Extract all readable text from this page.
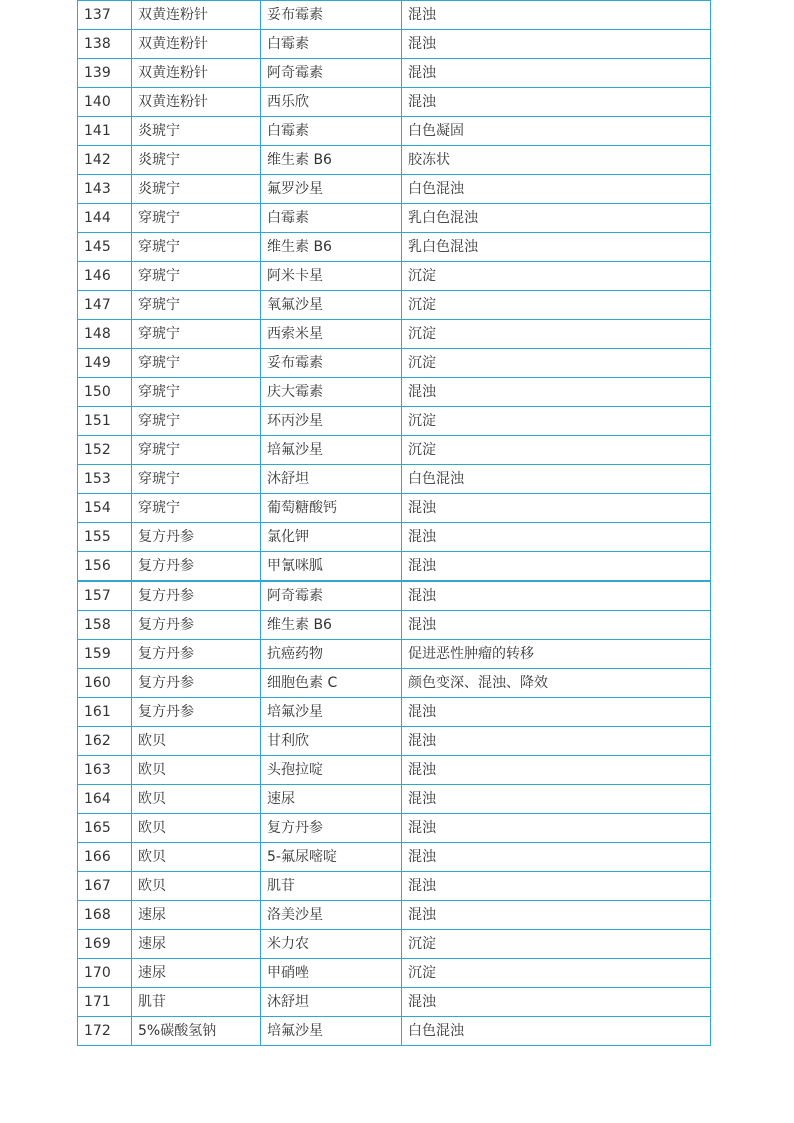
137	双黄连粉针	妥布霉素	混浊
138	双黄连粉针	白霉素	混浊
139	双黄连粉针	阿奇霉素	混浊
140	双黄连粉针	西乐欣	混浊
141	炎琥宁	白霉素	白色凝固
142	炎琥宁	维生素 B6	胶冻状
143	炎琥宁	氟罗沙星	白色混浊
144	穿琥宁	白霉素	乳白色混浊
145	穿琥宁	维生素 B6	乳白色混浊
146	穿琥宁	阿米卡星	沉淀
147	穿琥宁	氧氟沙星	沉淀
148	穿琥宁	西索米星	沉淀
149	穿琥宁	妥布霉素	沉淀
150	穿琥宁	庆大霉素	混浊
151	穿琥宁	环丙沙星	沉淀
152	穿琥宁	培氟沙星	沉淀
153	穿琥宁	沐舒坦	白色混浊
154	穿琥宁	葡萄糖酸钙	混浊
155	复方丹参	氯化钾	混浊
156	复方丹参	甲氰咪胍	混浊
157	复方丹参	阿奇霉素	混浊
158	复方丹参	维生素 B6	混浊
159	复方丹参	抗癌药物	促进恶性肿瘤的转移
160	复方丹参	细胞色素 C	颜色变深、混浊、降效
161	复方丹参	培氟沙星	混浊
162	欧贝	甘利欣	混浊
163	欧贝	头孢拉啶	混浊
164	欧贝	速尿	混浊
165	欧贝	复方丹参	混浊
166	欧贝	5-氟尿嘧啶	混浊
167	欧贝	肌苷	混浊
168	速尿	洛美沙星	混浊
169	速尿	米力农	沉淀
170	速尿	甲硝唑	沉淀
171	肌苷	沐舒坦	混浊
172	5%碳酸氢钠	培氟沙星	白色混浊
